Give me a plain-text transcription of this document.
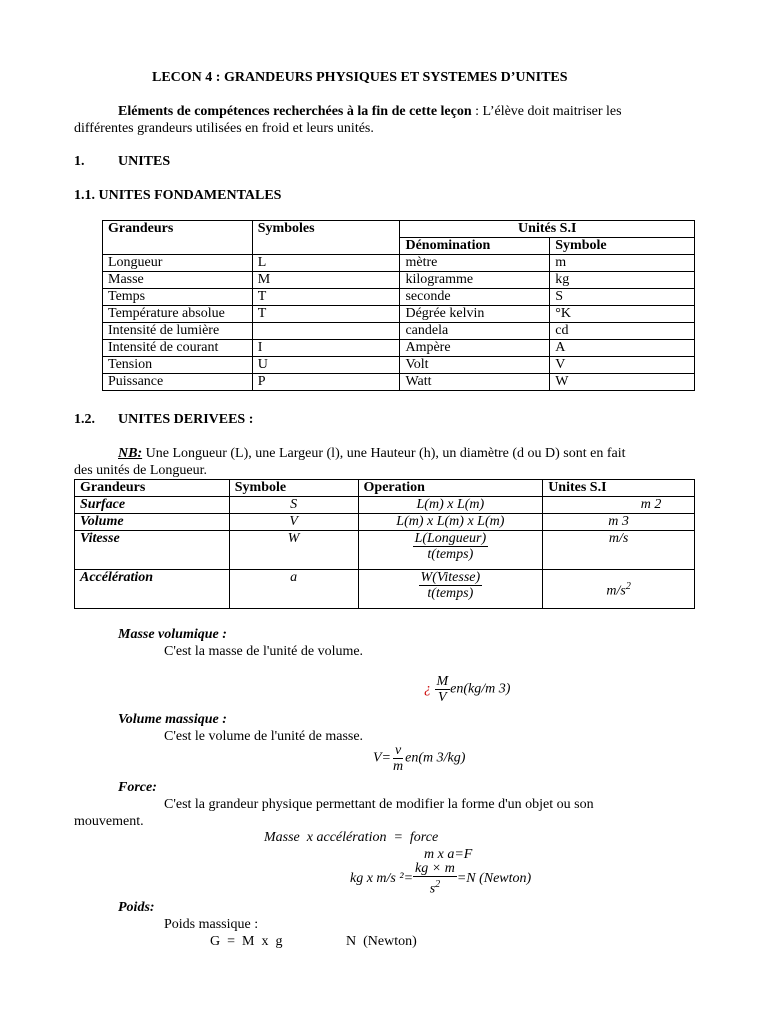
LECON 4 : GRANDEURS PHYSIQUES ET SYSTEMES D’UNITES
Eléments de compétences recherchées à la fin de cette leçon : L’élève doit maitriser les
différentes grandeurs utilisées en froid et leurs unités.
1. UNITES
1.1. UNITES FONDAMENTALES
Grandeurs	Symboles	Unités S.I	
		Dénomination	Symbole
Longueur	L	mètre	m
Masse	M	kilogramme	kg
Temps	T	seconde	S
Température absolue	T	Dégrée kelvin	°K
Intensité de lumière		candela	cd
Intensité de courant	I	Ampère	A
Tension	U	Volt	V
Puissance	P	Watt	W
1.2. UNITES DERIVEES :
NB: Une Longueur (L), une Largeur (l), une Hauteur (h), un diamètre (d ou D) sont en fait
des unités de Longueur.
Grandeurs	Symbole	Operation	Unites S.I
Surface	S	L(m) x L(m)	m 2
Volume	V	L(m) x L(m) x L(m)	m 3
Vitesse	W	$\frac{\text{L(Longueur)}}{\text{t(temps)}}$	m/s
Accélération	a	$\frac{\text{W(Vitesse)}}{\text{t(temps)}}$	$m/s^2$
Masse volumique :
C'est la masse de l'unité de volume.
¿ $\frac{M}{V} en(kg/m$ 3)
Volume massique :
C'est le volume de l'unité de masse.
$V= \frac{v}{m} en(m$ 3/kg)
Force:
C'est la grandeur physique permettant de modifier la forme d'un objet ou son
mouvement.
Masse  x accélération  =  force
m x a=F
kg x m/s $^2= \frac{kg \times m}{s^2} =N$ (Newton)
Poids:
Poids massique :
G  =  M  x  g	N  (Newton)
